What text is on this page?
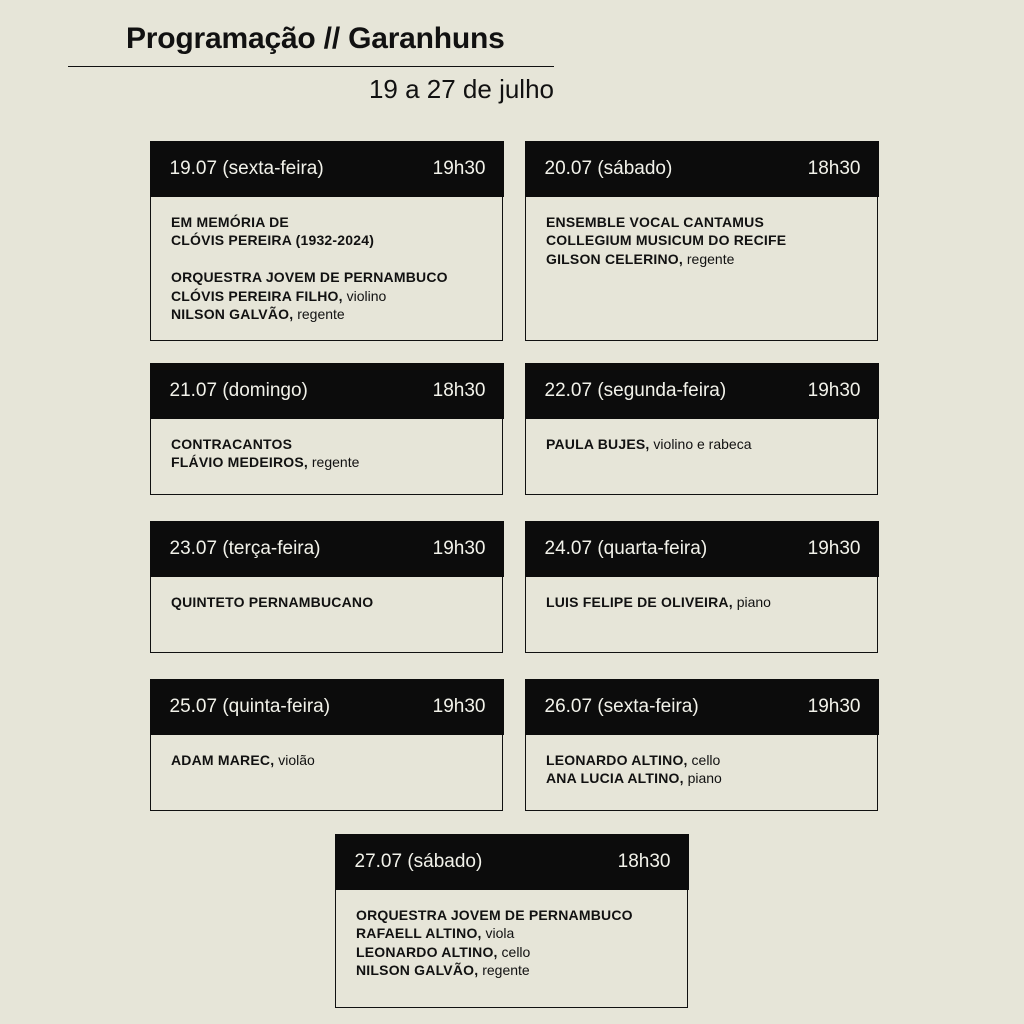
Programação // Garanhuns
19 a 27 de julho
19.07 (sexta-feira)	19h30
EM MEMÓRIA DE
CLÓVIS PEREIRA (1932-2024)
ORQUESTRA JOVEM DE PERNAMBUCO
CLÓVIS PEREIRA FILHO, violino
NILSON GALVÃO, regente
20.07 (sábado)	18h30
ENSEMBLE VOCAL CANTAMUS
COLLEGIUM MUSICUM DO RECIFE
GILSON CELERINO, regente
21.07 (domingo)	18h30
CONTRACANTOS
FLÁVIO MEDEIROS, regente
22.07 (segunda-feira)	19h30
PAULA BUJES, violino e rabeca
23.07 (terça-feira)	19h30
QUINTETO PERNAMBUCANO
24.07 (quarta-feira)	19h30
LUIS FELIPE DE OLIVEIRA, piano
25.07 (quinta-feira)	19h30
ADAM MAREC, violão
26.07 (sexta-feira)	19h30
LEONARDO ALTINO, cello
ANA LUCIA ALTINO, piano
27.07 (sábado)	18h30
ORQUESTRA JOVEM DE PERNAMBUCO
RAFAELL ALTINO, viola
LEONARDO ALTINO, cello
NILSON GALVÃO, regente
